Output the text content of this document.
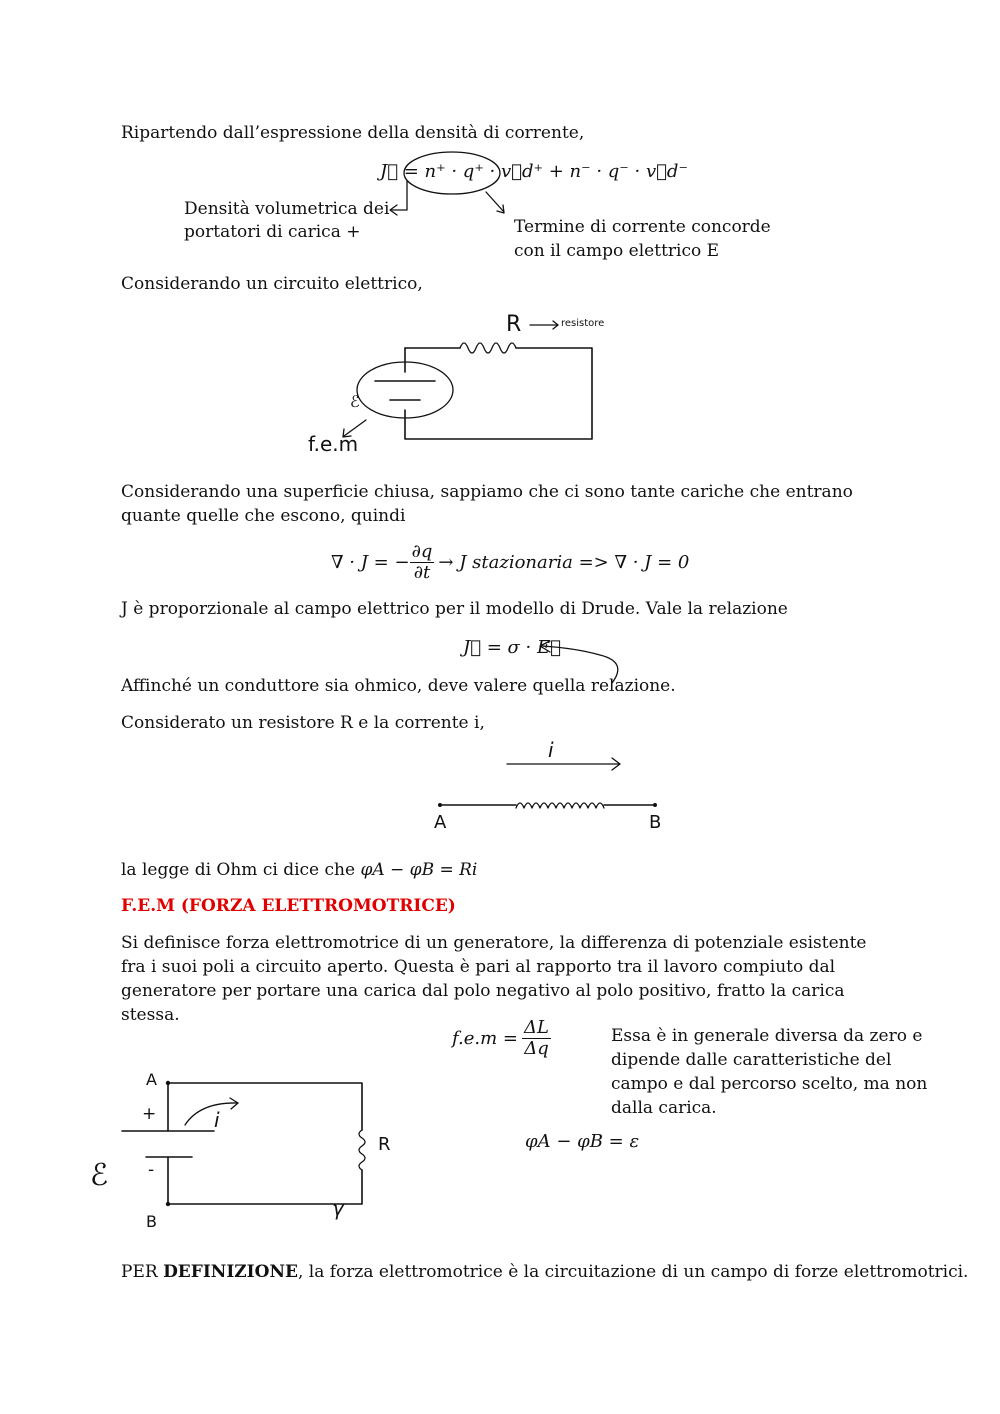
Ripartendo dall’espressione della densità di corrente,
J⃗ = n⁺ · q⁺ · v⃗d⁺ + n⁻ · q⁻ · v⃗d⁻
Densità volumetrica dei
portatori di carica +	Termine di corrente concorde
con il campo elettrico E
Considerando un circuito elettrico,
R	resistore
ℰ
f.e.m
Considerando una superficie chiusa, sappiamo che ci sono tante cariche che entrano quante quelle che escono, quindi
∇ · J = − $\frac{\partial q}{\partial t} \to J$ stazionaria => ∇ · J = 0
J è proporzionale al campo elettrico per il modello di Drude. Vale la relazione
J⃗ = σ · E⃗
Affinché un conduttore sia ohmico, deve valere quella relazione.
Considerato un resistore R e la corrente i,
i
A	B
la legge di Ohm ci dice che φA − φB = Ri
F.E.M (FORZA ELETTROMOTRICE)
Si definisce forza elettromotrice di un generatore, la differenza di potenziale esistente fra i suoi poli a circuito aperto. Questa è pari al rapporto tra il lavoro compiuto dal generatore per portare una carica dal polo negativo al polo positivo, fratto la carica stessa.
$f.e.m = \frac{\Delta L}{\Delta q}$	Essa è in generale diversa da zero e dipende dalle caratteristiche del campo e dal percorso scelto, ma non dalla carica.
φA − φB = ε
A
B
+
-
i
R
ℰ
γ
PER DEFINIZIONE, la forza elettromotrice è la circuitazione di un campo di forze elettromotrici.
